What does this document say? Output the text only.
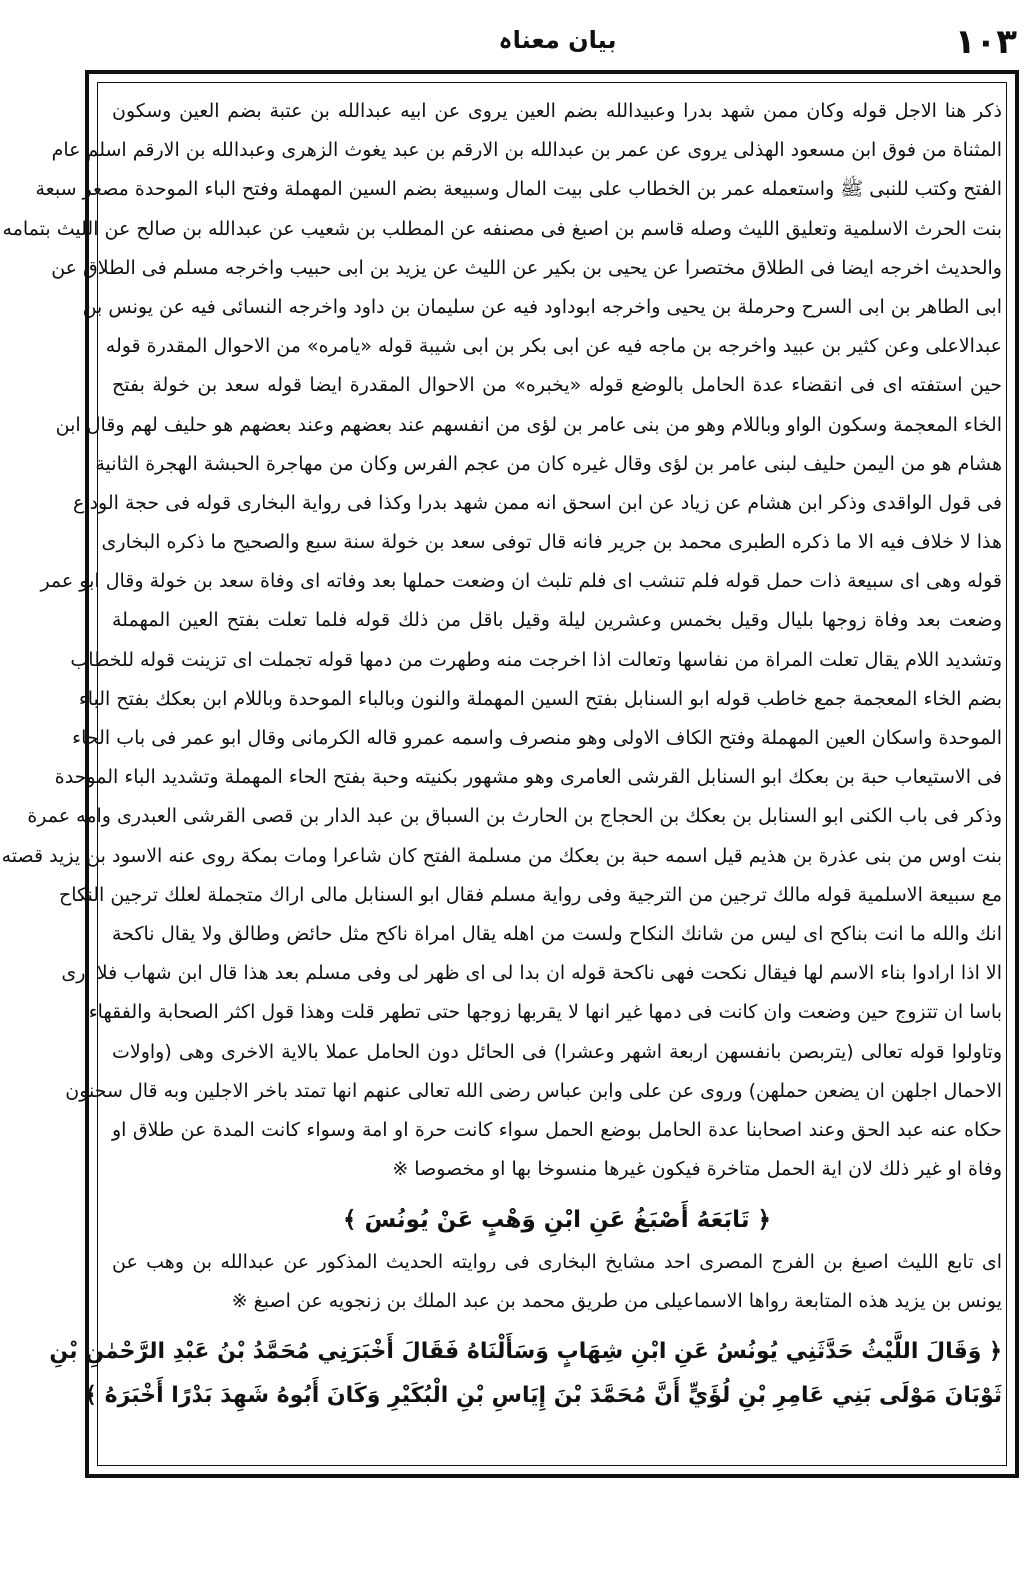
١٠٣
بیان معناہ
ذكر هنا الاجل قوله وكان ممن شهد بدرا وعبيدالله بضم العين يروى عن ابيه عبدالله بن عتبة بضم العين وسكون
المثناة من فوق ابن مسعود الهذلى يروى عن عمر بن عبدالله بن الارقم بن عبد يغوث الزهرى وعبدالله بن الارقم اسلم عام
الفتح وكتب للنبى ﷺ واستعمله عمر بن الخطاب على بيت المال وسبيعة بضم السين المهملة وفتح الباء الموحدة مصغر سبعة
بنت الحرث الاسلمية وتعليق الليث وصله قاسم بن اصبغ فى مصنفه عن المطلب بن شعيب عن عبدالله بن صالح عن الليث بتمامه
والحديث اخرجه ايضا فى الطلاق مختصرا عن يحيى بن بكير عن الليث عن يزيد بن ابى حبيب واخرجه مسلم فى الطلاق عن
ابى الطاهر بن ابى السرح وحرملة بن يحيى واخرجه ابوداود فيه عن سليمان بن داود واخرجه النسائى فيه عن يونس بن
عبدالاعلى وعن كثير بن عبيد واخرجه بن ماجه فيه عن ابى بكر بن ابى شيبة قوله «يامره» من الاحوال المقدرة قوله
حين استفته اى فى انقضاء عدة الحامل بالوضع قوله «يخبره» من الاحوال المقدرة ايضا قوله سعد بن خولة بفتح
الخاء المعجمة وسكون الواو وباللام وهو من بنى عامر بن لؤى من انفسهم عند بعضهم وعند بعضهم هو حليف لهم وقال ابن
هشام هو من اليمن حليف لبنى عامر بن لؤى وقال غيره كان من عجم الفرس وكان من مهاجرة الحبشة الهجرة الثانية
فى قول الواقدى وذكر ابن هشام عن زياد عن ابن اسحق انه ممن شهد بدرا وكذا فى رواية البخارى قوله فى حجة الوداع
هذا لا خلاف فيه الا ما ذكره الطبرى محمد بن جرير فانه قال توفى سعد بن خولة سنة سبع والصحيح ما ذكره البخارى
قوله وهى اى سبيعة ذات حمل قوله فلم تنشب اى فلم تلبث ان وضعت حملها بعد وفاته اى وفاة سعد بن خولة وقال ابو عمر
وضعت بعد وفاة زوجها بليال وقيل بخمس وعشرين ليلة وقيل باقل من ذلك قوله فلما تعلت بفتح العين المهملة
وتشديد اللام يقال تعلت المراة من نفاسها وتعالت اذا اخرجت منه وطهرت من دمها قوله تجملت اى تزينت قوله للخطاب
بضم الخاء المعجمة جمع خاطب قوله ابو السنابل بفتح السين المهملة والنون وبالباء الموحدة وباللام ابن بعكك بفتح الباء
الموحدة واسكان العين المهملة وفتح الكاف الاولى وهو منصرف واسمه عمرو قاله الكرمانى وقال ابو عمر فى باب الحاء
فى الاستيعاب حبة بن بعكك ابو السنابل القرشى العامرى وهو مشهور بكنيته وحبة بفتح الحاء المهملة وتشديد الباء الموحدة
وذكر فى باب الكنى ابو السنابل بن بعكك بن الحجاج بن الحارث بن السباق بن عبد الدار بن قصى القرشى العبدرى وامه عمرة
بنت اوس من بنى عذرة بن هذيم قيل اسمه حبة بن بعكك من مسلمة الفتح كان شاعرا ومات بمكة روى عنه الاسود بن يزيد قصته
مع سبيعة الاسلمية قوله مالك ترجين من الترجية وفى رواية مسلم فقال ابو السنابل مالى اراك متجملة لعلك ترجين النكاح
انك والله ما انت بناكح اى ليس من شانك النكاح ولست من اهله يقال امراة ناكح مثل حائض وطالق ولا يقال ناكحة
الا اذا ارادوا بناء الاسم لها فيقال نكحت فهى ناكحة قوله ان بدا لى اى ظهر لى وفى مسلم بعد هذا قال ابن شهاب فلا ارى
باسا ان تتزوج حين وضعت وان كانت فى دمها غير انها لا يقربها زوجها حتى تطهر قلت وهذا قول اكثر الصحابة والفقهاء
وتاولوا قوله تعالى (يتربصن بانفسهن اربعة اشهر وعشرا) فى الحائل دون الحامل عملا بالاية الاخرى وهى (واولات
الاحمال اجلهن ان يضعن حملهن) وروى عن على وابن عباس رضى الله تعالى عنهم انها تمتد باخر الاجلين وبه قال سحنون
حكاه عنه عبد الحق وعند اصحابنا عدة الحامل بوضع الحمل سواء كانت حرة او امة وسواء كانت المدة عن طلاق او
وفاة او غير ذلك لان اية الحمل متاخرة فيكون غيرها منسوخا بها او مخصوصا ※
﴿ تَابَعَهُ أَصْبَغُ عَنِ ابْنِ وَهْبٍ عَنْ يُونُسَ ﴾
اى تابع الليث اصبغ بن الفرج المصرى احد مشايخ البخارى فى روايته الحديث المذكور عن عبدالله بن وهب عن
يونس بن يزيد هذه المتابعة رواها الاسماعيلى من طريق محمد بن عبد الملك بن زنجويه عن اصبغ ※
﴿ وَقَالَ اللَّيْثُ حَدَّثَنِي يُونُسُ عَنِ ابْنِ شِهَابٍ وَسَأَلْنَاهُ فَقَالَ أَخْبَرَنِي مُحَمَّدُ بْنُ عَبْدِ الرَّحْمٰنِ بْنِ
ثَوْبَانَ مَوْلَى بَنِي عَامِرِ بْنِ لُؤَيٍّ أَنَّ مُحَمَّدَ بْنَ إِيَاسِ بْنِ الْبُكَيْرِ وَكَانَ أَبُوهُ شَهِدَ بَدْرًا أَخْبَرَهُ ﴾
